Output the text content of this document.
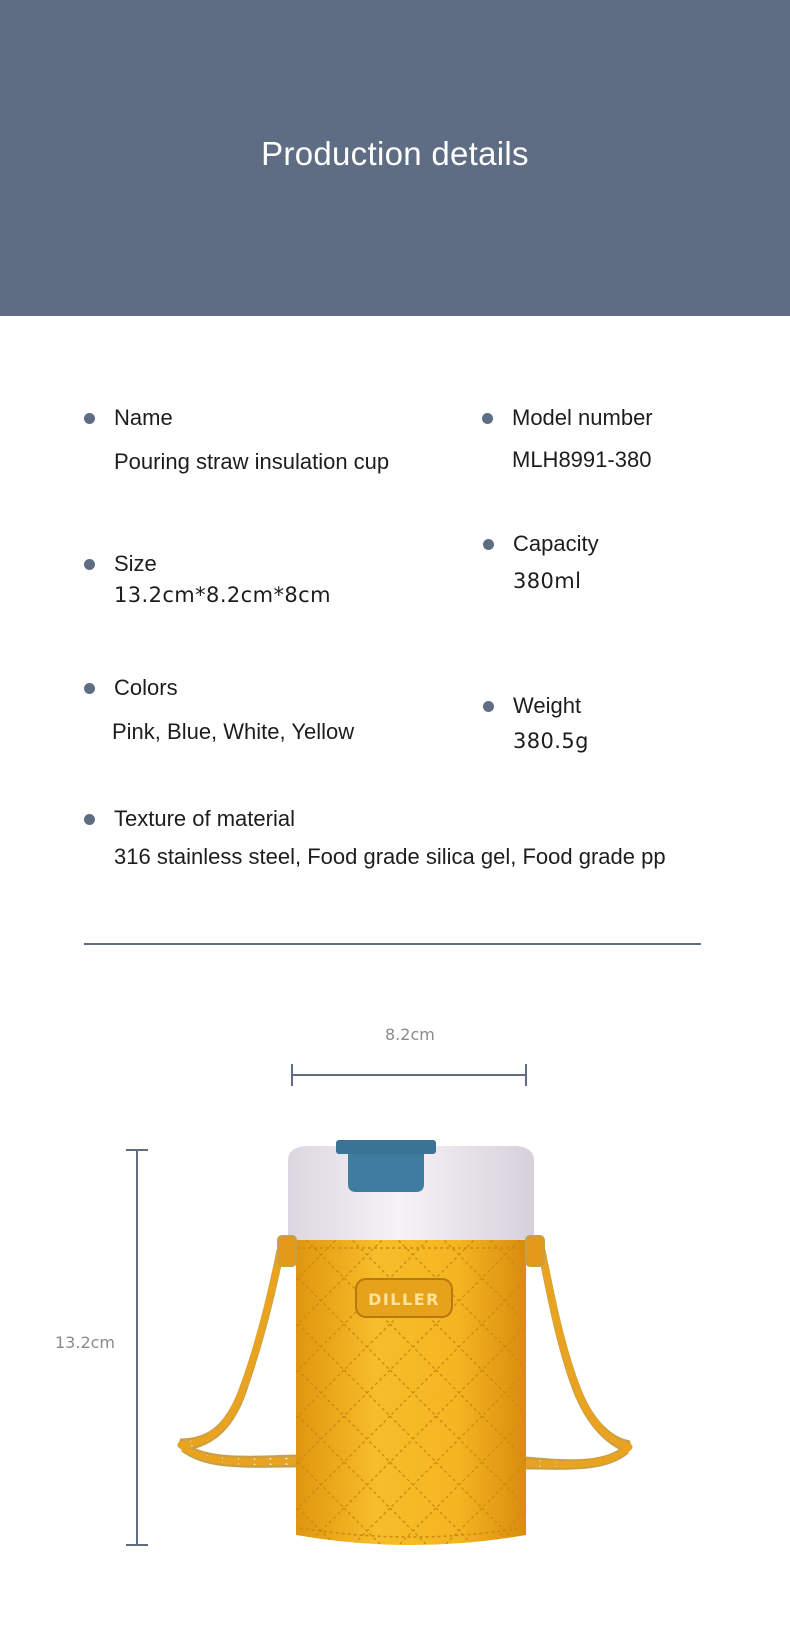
Production details
Name
Pouring straw insulation cup
Size
13.2cm*8.2cm*8cm
Colors
Pink, Blue, White, Yellow
Texture of material
316 stainless steel, Food grade silica gel, Food grade pp
Model number
MLH8991-380
Capacity
380ml
Weight
380.5g
8.2cm
13.2cm
DILLER
